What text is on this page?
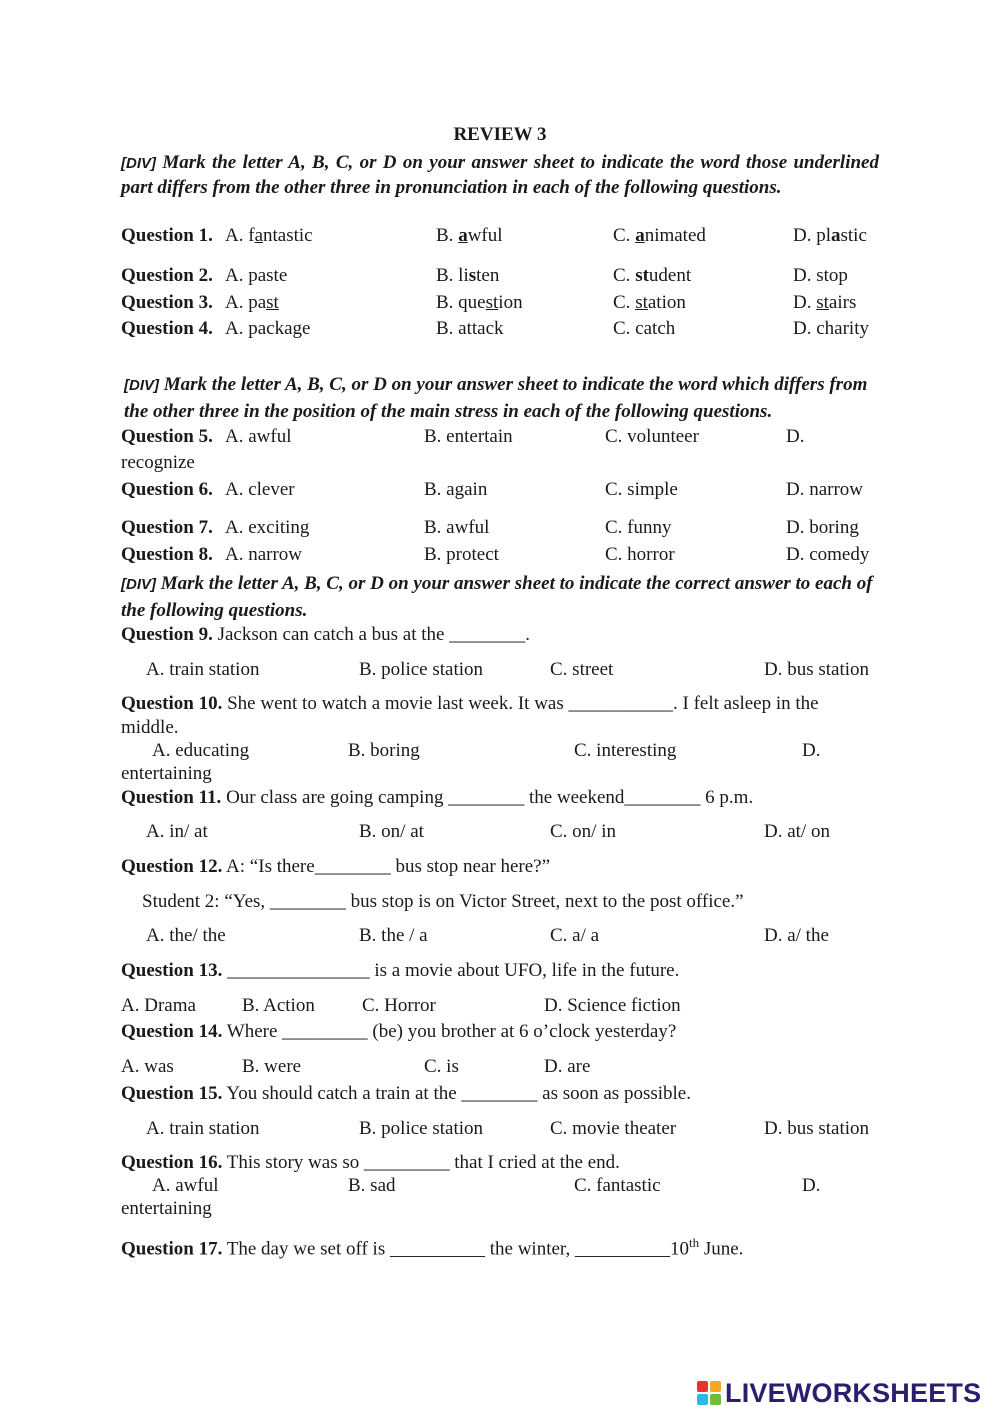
REVIEW 3
[DIV] Mark the letter A, B, C, or D on your answer sheet to indicate the word those underlined part differs from the other three in pronunciation in each of the following questions.
Question 1. A. fantastic	B. awful	C. animated	D. plastic
Question 2. A. paste	B. listen	C. student	D. stop
Question 3. A. past	B. question	C. station	D. stairs
Question 4. A. package	B. attack	C. catch	D. charity
[DIV] Mark the letter A, B, C, or D on your answer sheet to indicate the word which differs from the other three in the position of the main stress in each of the following questions.
Question 5. A. awful	B. entertain	C. volunteer	D.
recognize
Question 6. A. clever	B. again	C. simple	D. narrow
Question 7. A. exciting	B. awful	C. funny	D. boring
Question 8. A. narrow	B. protect	C. horror	D. comedy
[DIV] Mark the letter A, B, C, or D on your answer sheet to indicate the correct answer to each of the following questions.
Question 9. Jackson can catch a bus at the ________.
A. train station	B. police station	C. street	D. bus station
Question 10. She went to watch a movie last week. It was ___________. I felt asleep in the
middle.
A. educating	B. boring	C. interesting	D.
entertaining
Question 11. Our class are going camping ________ the weekend________ 6 p.m.
A. in/ at	B. on/ at	C. on/ in	D. at/ on
Question 12. A: “Is there________ bus stop near here?”
Student 2: “Yes, ________ bus stop is on Victor Street, next to the post office.”
A. the/ the	B. the / a	C. a/ a	D. a/ the
Question 13. _______________ is a movie about UFO, life in the future.
A. Drama B. Action C. Horror	D. Science fiction
Question 14. Where _________ (be) you brother at 6 o’clock yesterday?
A. was	B. were	C. is	D. are
Question 15. You should catch a train at the ________ as soon as possible.
A. train station	B. police station	C. movie theater	D. bus station
Question 16. This story was so _________ that I cried at the end.
A. awful	B. sad	C. fantastic	D.
entertaining
Question 17. The day we set off is __________ the winter, __________10th June.
LIVEWORKSHEETS
